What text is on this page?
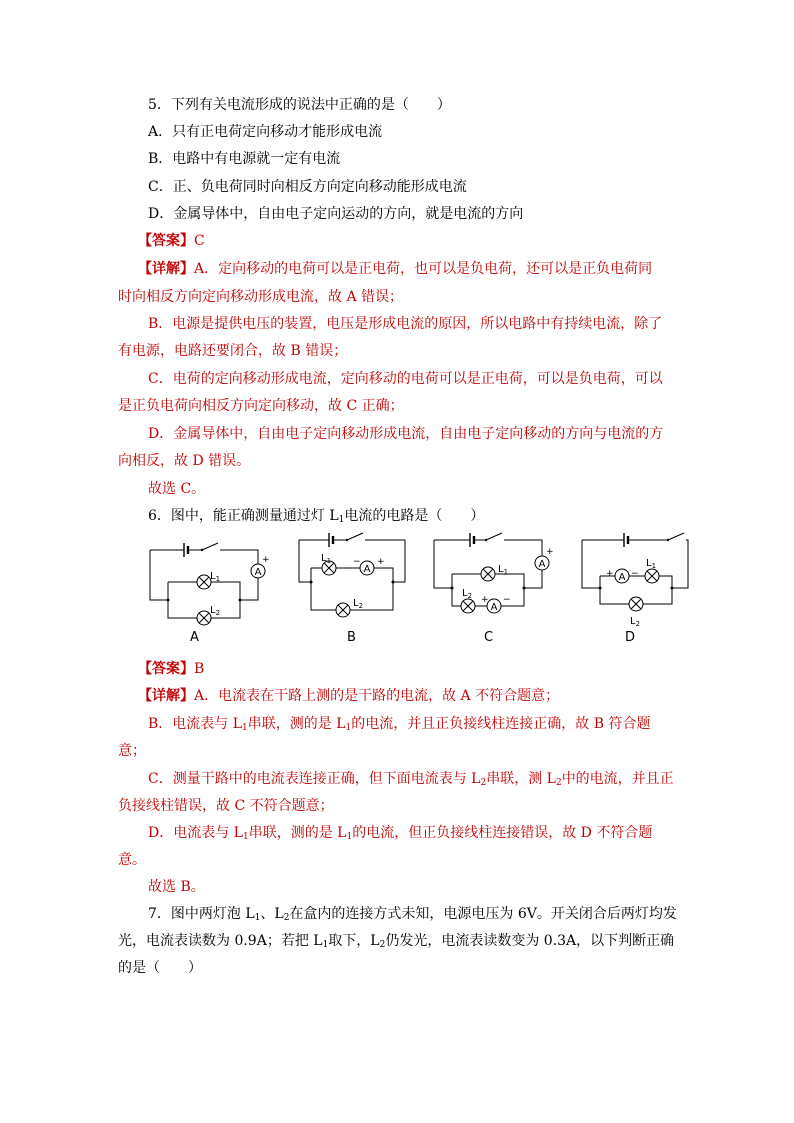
5．下列有关电流形成的说法中正确的是（　　）
A．只有正电荷定向移动才能形成电流
B．电路中有电源就一定有电流
C．正、负电荷同时向相反方向定向移动能形成电流
D．金属导体中，自由电子定向运动的方向，就是电流的方向
【答案】C
【详解】A．定向移动的电荷可以是正电荷，也可以是负电荷，还可以是正负电荷同
时向相反方向定向移动形成电流，故 A 错误；
B．电源是提供电压的装置，电压是形成电流的原因，所以电路中有持续电流，除了
有电源，电路还要闭合，故 B 错误；
C．电荷的定向移动形成电流，定向移动的电荷可以是正电荷，可以是负电荷，可以
是正负电荷向相反方向定向移动，故 C 正确；
D．金属导体中，自由电子定向移动形成电流，自由电子定向移动的方向与电流的方
向相反，故 D 错误。
故选 C。
6．图中，能正确测量通过灯 $L_1$电流的电路是（　　）
A
+
$L_1$
$L_2$
A
− +
$L_1$
$L_2$	A
A
+
+ −
$L_1$
$L_2$
A
+ −
$L_1$
$L_2$
A	B	C	D
【答案】B
【详解】A．电流表在干路上测的是干路的电流，故 A 不符合题意；
B．电流表与 $L_1$串联，测的是 $L_1$的电流，并且正负接线柱连接正确，故 B 符合题
意；
C．测量干路中的电流表连接正确，但下面电流表与 $L_2$串联，测 $L_2$中的电流，并且正
负接线柱错误，故 C 不符合题意；
D．电流表与 $L_1$串联，测的是 $L_1$的电流，但正负接线柱连接错误，故 D 不符合题
意。
故选 B。
7．图中两灯泡 $L_1$、$L_2$在盒内的连接方式未知，电源电压为 6V。开关闭合后两灯均发
光，电流表读数为 0.9A；若把 $L_1$取下，$L_2$仍发光，电流表读数变为 0.3A，以下判断正确
的是（　　）
